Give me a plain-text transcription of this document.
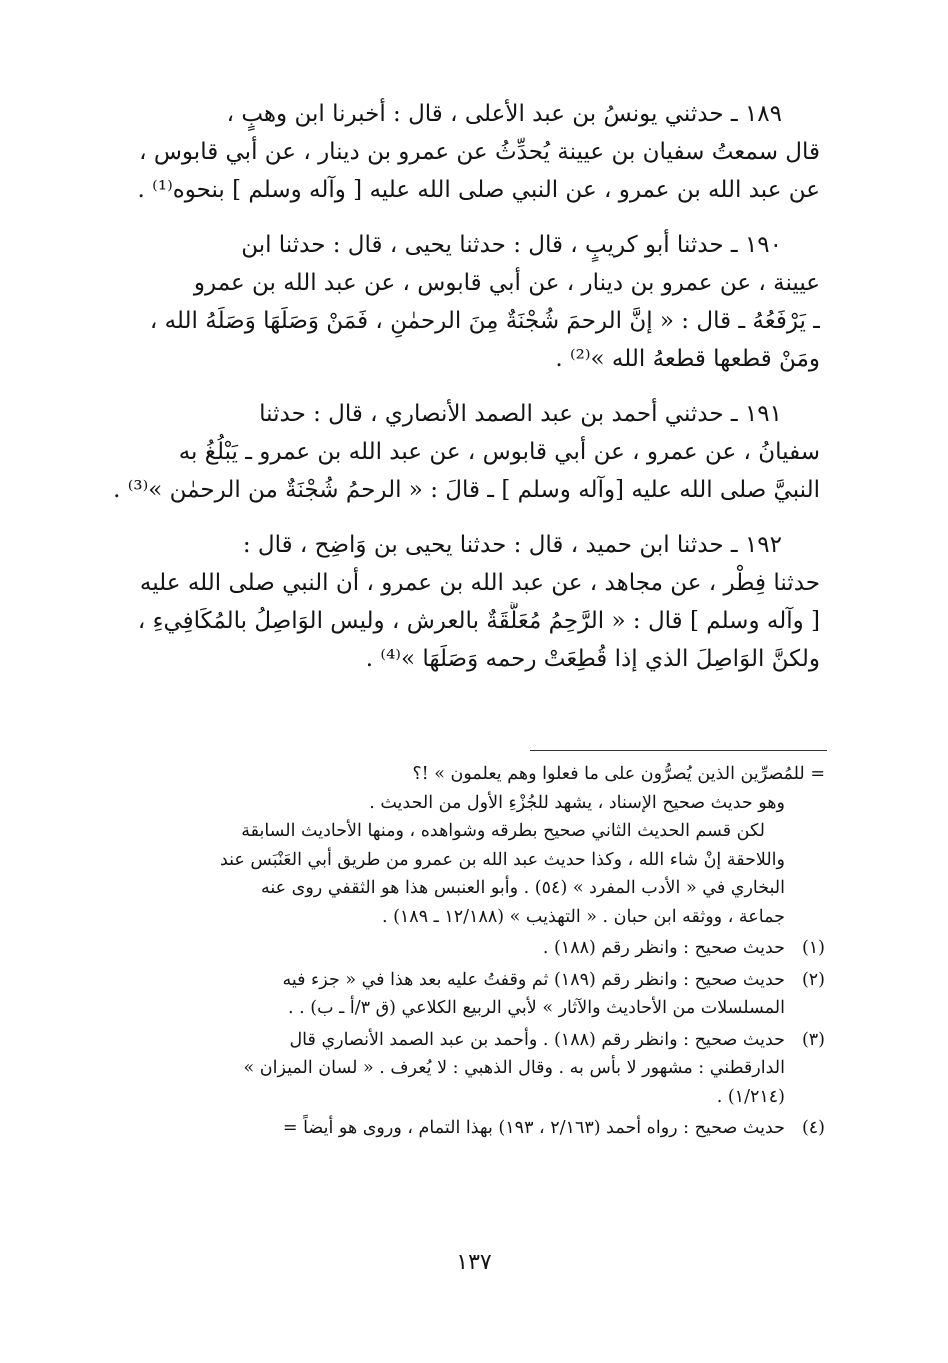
١٨٩ ـ حدثني يونسُ بن عبد الأعلى ، قال : أخبرنا ابن وهبٍ ،
قال سمعتُ سفيان بن عيينة يُحدِّثُ عن عمرو بن دينار ، عن أبي قابوس ،
عن عبد الله بن عمرو ، عن النبي صلى الله عليه [ وآله وسلم ] بنحوه⁽¹⁾ .
١٩٠ ـ حدثنا أبو كريبٍ ، قال : حدثنا يحيى ، قال : حدثنا ابن
عيينة ، عن عمرو بن دينار ، عن أبي قابوس ، عن عبد الله بن عمرو
ـ يَرْفَعُهُ ـ قال : « إنَّ الرحمَ شُجْنَةٌ مِنَ الرحمٰنِ ، فَمَنْ وَصَلَهَا وَصَلَهُ الله ،
ومَنْ قطعها قطعهُ الله »⁽²⁾ .
١٩١ ـ حدثني أحمد بن عبد الصمد الأنصاري ، قال : حدثنا
سفيانُ ، عن عمرو ، عن أبي قابوس ، عن عبد الله بن عمرو ـ يَبْلُغُ به
النبيَّ صلى الله عليه [وآله وسلم ] ـ قالَ : « الرحمُ شُجْنَةٌ من الرحمٰن »⁽³⁾ .
١٩٢ ـ حدثنا ابن حميد ، قال : حدثنا يحيى بن وَاضِح ، قال :
حدثنا فِطْر ، عن مجاهد ، عن عبد الله بن عمرو ، أن النبي صلى الله عليه
[ وآله وسلم ] قال : « الرَّحِمُ مُعَلَّقَةٌ بالعرش ، وليس الوَاصِلُ بالمُكَافِيءِ ،
ولكنَّ الوَاصِلَ الذي إذا قُطِعَتْ رحمه وَصَلَهَا »⁽⁴⁾ .
= للمُصرِّين الذين يُصرُّون على ما فعلوا وهم يعلمون » !؟
وهو حديث صحيح الإسناد ، يشهد للجُزْءِ الأول من الحديث .
لكن قسم الحديث الثاني صحيح بطرقه وشواهده ، ومنها الأحاديث السابقة
واللاحقة إنْ شاء الله ، وكذا حديث عبد الله بن عمرو من طريق أبي العَنْبَس عند
البخاري في « الأدب المفرد » (٥٤) . وأبو العنبس هذا هو الثقفي روى عنه
جماعة ، ووثقه ابن حبان . « التهذيب » (١٢/١٨٨ ـ ١٨٩) .
(١)
حديث صحيح : وانظر رقم (١٨٨) .
(٢)
حديث صحيح : وانظر رقم (١٨٩) ثم وقفتُ عليه بعد هذا في « جزء فيه
المسلسلات من الأحاديث والآثار » لأبي الربيع الكلاعي (ق ٣/أ ـ ب) . .
(٣)
حديث صحيح : وانظر رقم (١٨٨) . وأحمد بن عبد الصمد الأنصاري قال
الدارقطني : مشهور لا بأس به . وقال الذهبي : لا يُعرف . « لسان الميزان »
(١/٢١٤) .
(٤)
حديث صحيح : رواه أحمد (٢/١٦٣ ، ١٩٣) بهذا التمام ، وروى هو أيضاً =
١٣٧
